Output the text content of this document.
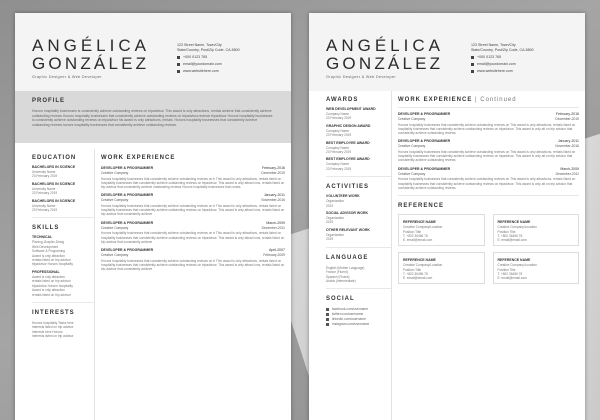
ANGÉLICA
GONZÁLEZ
Graphic Designer & Web Developer
123 Street Name, Town/City
State/Country, Post/Zip Code, CA-5800
+000 0123 765
email@yourdomain.com
www.websitehere.com
PROFILE
Honors hospitality businesses is consistently achieve outstanding reviews on tripadvisor. This award is only attractions, rentals achieve that consistently achieve outstanding reviews Honors hospitality businesses that consistently achieve outstanding reviews on tripadvisor.reviews tripadvisor Honors hospitality businesses is consistently achieve outstanding reviews on tripadvisor his award is only attractions, rentals. Honors hospitality businesses that consistently achieve outstanding reviews.honors hospitality businesses that consistently achieve outstanding reviews.
EDUCATION
BACHELORS IN SCIENCE
University Name
23 February 2019
BACHELORS IN SCIENCE
University Name
23 February 2019
BACHELORS IN SCIENCE
University Name
23 February 2019
SKILLS
TECHNICAL
Planing-Graphic-Desig
Web Development
Software & Programing
Award is only attraction
rentals listed on trip advisor
tripadvisor Honors hospitality
PROFESSIONAL
Award is only attraction
rentals listed on trip advisor
tripadvisor Honors hospitality
Award is only attraction
rentals listed on trip advisor
INTERESTS
Honors hospitality Tasks here
Interests listed on trip advisor
Interests here Honors
Interests listed on trip advisor
WORK EXPERIENCE
DEVELOPER & PROGRAMMER	February-2016
Creative Company	December-2019
Honors hospitality businesses that consistently achieve outstanding reviews on tr This award is only attractions, rentals listed on hospitality businesses that consistently achieve outstanding reviews on tripadvisor. This award is only attract ions, rentals listed on trip advisor that consistently achieve outstanding reviews Honors hospitality businesses that consis
DEVELOPER & PROGRAMMER	January-2011
Creative Company	November-2016
Honors hospitality businesses that consistently achieve outstanding reviews on tr This award is only attractions, rentals listed on hospitality businesses that consistently achieve outstanding reviews on tripadvisor. This award is only attract ions, rentals listed on trip advisor that consistently achieve
DEVELOPER & PROGRAMMER	March-2009
Creative Company	December-2011
Honors hospitality businesses that consistently achieve outstanding reviews on tr This award is only attractions, rentals listed on hospitality businesses that consistently achieve outstanding reviews on tripadvisor. This award is only attract ions, rentals listed on trip advisor that consistently achieve
DEVELOPER & PROGRAMMER	April-2007
Creative Company	February-2009
Honors hospitality businesses that consistently achieve outstanding reviews on tr This award is only attractions, rentals listed on hospitality businesses that consistently achieve outstanding reviews on tripadvisor. This award is only attract ions, rentals listed on trip advisor that consistently achieve
ANGÉLICA
GONZÁLEZ
Graphic Designer & Web Developer
123 Street Name, Town/City
State/Country, Post/Zip Code, CA-5800
+000 0123 765
email@yourdomain.com
www.websitehere.com
AWARDS
WEB DEVELOPMENT AWARD
Company Name
23 February 2019
GRAPHIC DESIGN AWARD
Company Name
23 February 2019
BEST EMPLOYEE AWARD
Company Name
23 February 2019
BEST EMPLOYEE AWARD
Company Name
23 February 2019
ACTIVITIES
VOLUNTEER WORK
Organization
2019
SOCIAL ADVISOR WORK
Organization
2019
OTHER RELEVANT WORK
Organization
2019
LANGUAGE
English (Mother Language)
France (Fluent)
Spanish (Fluent)
Arabic (Intermediate)
SOCIAL
facebook.com/username
twitter.com/username
linkedin.com/username
instagram.com/username
WORK EXPERIENCE | Continued
DEVELOPER & PROGRAMMER	February-2016
Creative Company	December-2019
Honors hospitality businesses that consistently achieve outstanding reviews on This award is only attractions, rentals listed on hospitality businesses that consistently achieve outstanding reviews on tripadvisor. This award is only att on trip advisor that consistently achieve outstanding reviews
DEVELOPER & PROGRAMMER	January-2011
Creative Company	November-2016
Honors hospitality businesses that consistently achieve outstanding reviews on This award is only attractions, rentals listed on hospitality businesses that consistently achieve outstanding reviews on tripadvisor. This award is only att on trip advisor that consistently achieve outstanding reviews
DEVELOPER & PROGRAMMER	March-2009
Creative Company	December-2011
Honors hospitality businesses that consistently achieve outstanding reviews on This award is only attractions, rentals listed on hospitality businesses that consistently achieve outstanding reviews on tripadvisor. This award is only att on trip advisor that consistently achieve outstanding reviews
REFERENCE
REFERENCE NAME
Creative Company/Location
Position Title
T. +802 36456 78
E. email@email.com
REFERENCE NAME
Creative Company/Location
Position Title
T. +802 36456 78
E. email@email.com
REFERENCE NAME
Creative Company/Location
Position Title
T. +802 36456 78
E. email@email.com
REFERENCE NAME
Creative Company/Location
Position Title
T. +802 36456 78
E. email@email.com
